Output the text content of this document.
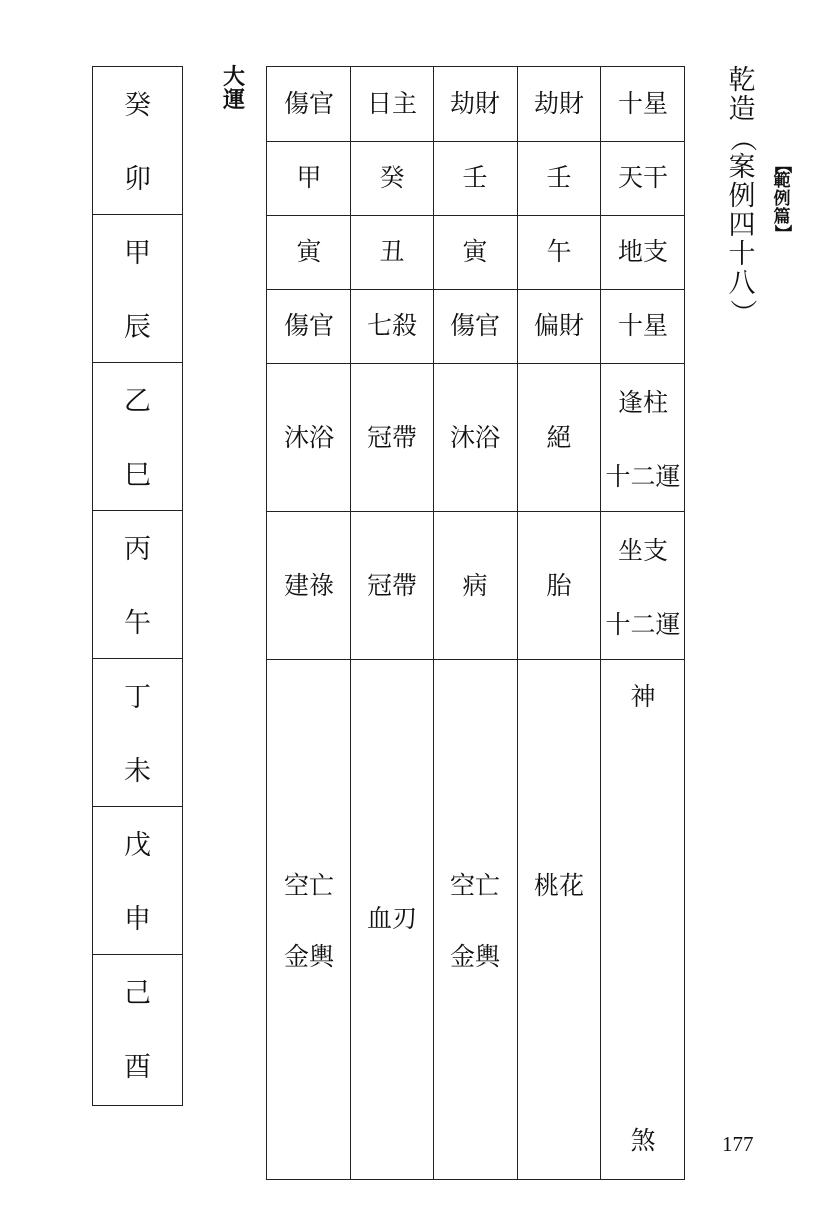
乾
造
（
案
例
四
十
八
）
【
範
例
篇
】
大
運
癸
卯
甲
辰
乙
巳
丙
午
丁
未
戊
申
己
酉
十星
天干
地支
十星
逢柱
十二運
坐支
十二運
神
煞
劫財
壬
午
偏財
絕
胎
桃花
劫財
壬
寅
傷官
沐浴
病
空亡
金輿
日主
癸
丑
七殺
冠帶
冠帶
血刃
傷官
甲
寅
傷官
沐浴
建祿
空亡
金輿
177
